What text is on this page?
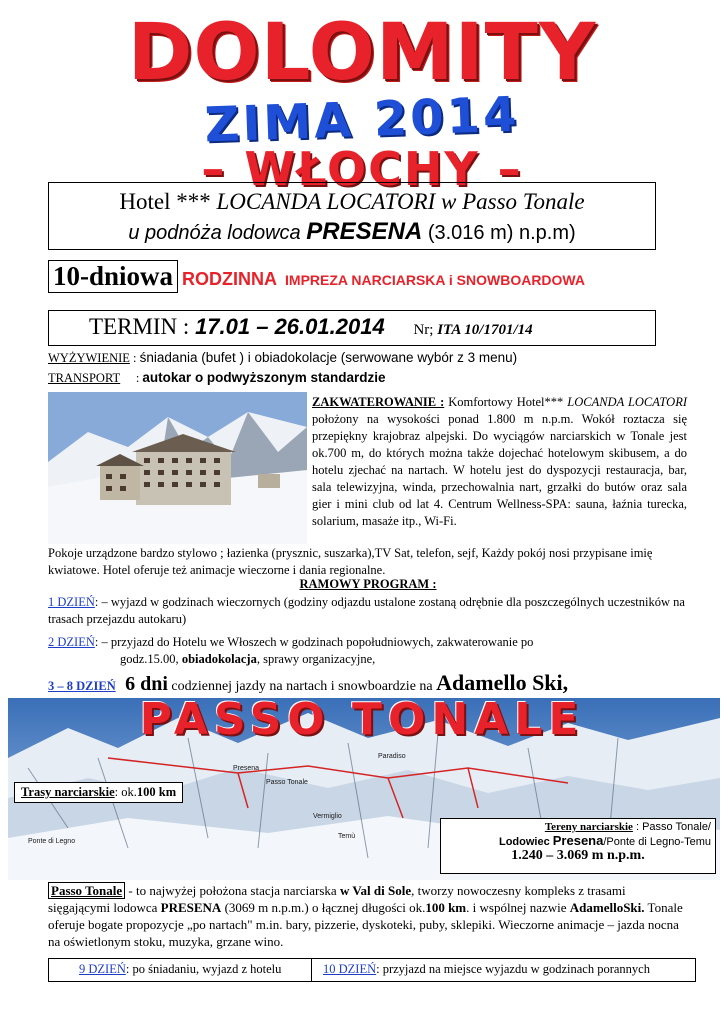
DOLOMITY
ZIMA 2014
– WŁOCHY –
Hotel *** LOCANDA LOCATORI w Passo Tonale
u podnóża lodowca PRESENA (3.016 m) n.p.m)
10-dniowa RODZINNA IMPREZA NARCIARSKA i SNOWBOARDOWA
TERMIN : 17.01 – 26.01.2014 Nr; ITA 10/1701/14
WYŻYWIENIE : śniadania (bufet ) i obiadokolacje (serwowane wybór z 3 menu)
TRANSPORT     : autokar o podwyższonym standardzie
ZAKWATEROWANIE : Komfortowy Hotel*** LOCANDA LOCATORI położony na wysokości ponad 1.800 m n.p.m. Wokół roztacza się przepiękny krajobraz alpejski. Do wyciągów narciarskich w Tonale jest ok.700 m, do których można także dojechać hotelowym skibusem, a do hotelu zjechać na nartach. W hotelu jest do dyspozycji restauracja, bar, sala telewizyjna, winda, przechowalnia nart, grzałki do butów oraz sala gier i mini club od lat 4. Centrum Wellness-SPA: sauna, łaźnia turecka, solarium, masaże itp., Wi-Fi.
Pokoje urządzone bardzo stylowo ; łazienka (prysznic, suszarka),TV Sat, telefon, sejf, Każdy pokój nosi przypisane imię kwiatowe. Hotel oferuje też animacje wieczorne i dania regionalne.
RAMOWY PROGRAM :
1 DZIEŃ: – wyjazd w godzinach wieczornych (godziny odjazdu ustalone zostaną odrębnie dla poszczególnych uczestników na trasach przejazdu autokaru)
2 DZIEŃ: – przyjazd do Hotelu we Włoszech w godzinach popołudniowych, zakwaterowanie po
godz.15.00, obiadokolacja, sprawy organizacyjne,
3 – 8 DZIEŃ 6 dni codziennej jazdy na nartach i snowboardzie na Adamello Ski,
Presena
Paradiso
Passo Tonale
Vermiglio
Ponte di Legno
Temù
PASSO TONALE
Trasy narciarskie: ok.100 km
Tereny narciarskie : Passo Tonale/
Lodowiec Presena/Ponte di Legno-Temu
1.240 – 3.069 m n.p.m.
Passo Tonale - to najwyżej położona stacja narciarska w Val di Sole, tworzy nowoczesny kompleks z trasami sięgającymi lodowca PRESENA (3069 m n.p.m.) o łącznej długości ok.100 km. i wspólnej nazwie AdamelloSki. Tonale oferuje bogate propozycje „po nartach" m.in. bary, pizzerie, dyskoteki, puby, sklepiki. Wieczorne animacje – jazda nocna na oświetlonym stoku, muzyka, grzane wino.
9 DZIEŃ: po śniadaniu, wyjazd z hotelu	10 DZIEŃ: przyjazd na miejsce wyjazdu w godzinach porannych
